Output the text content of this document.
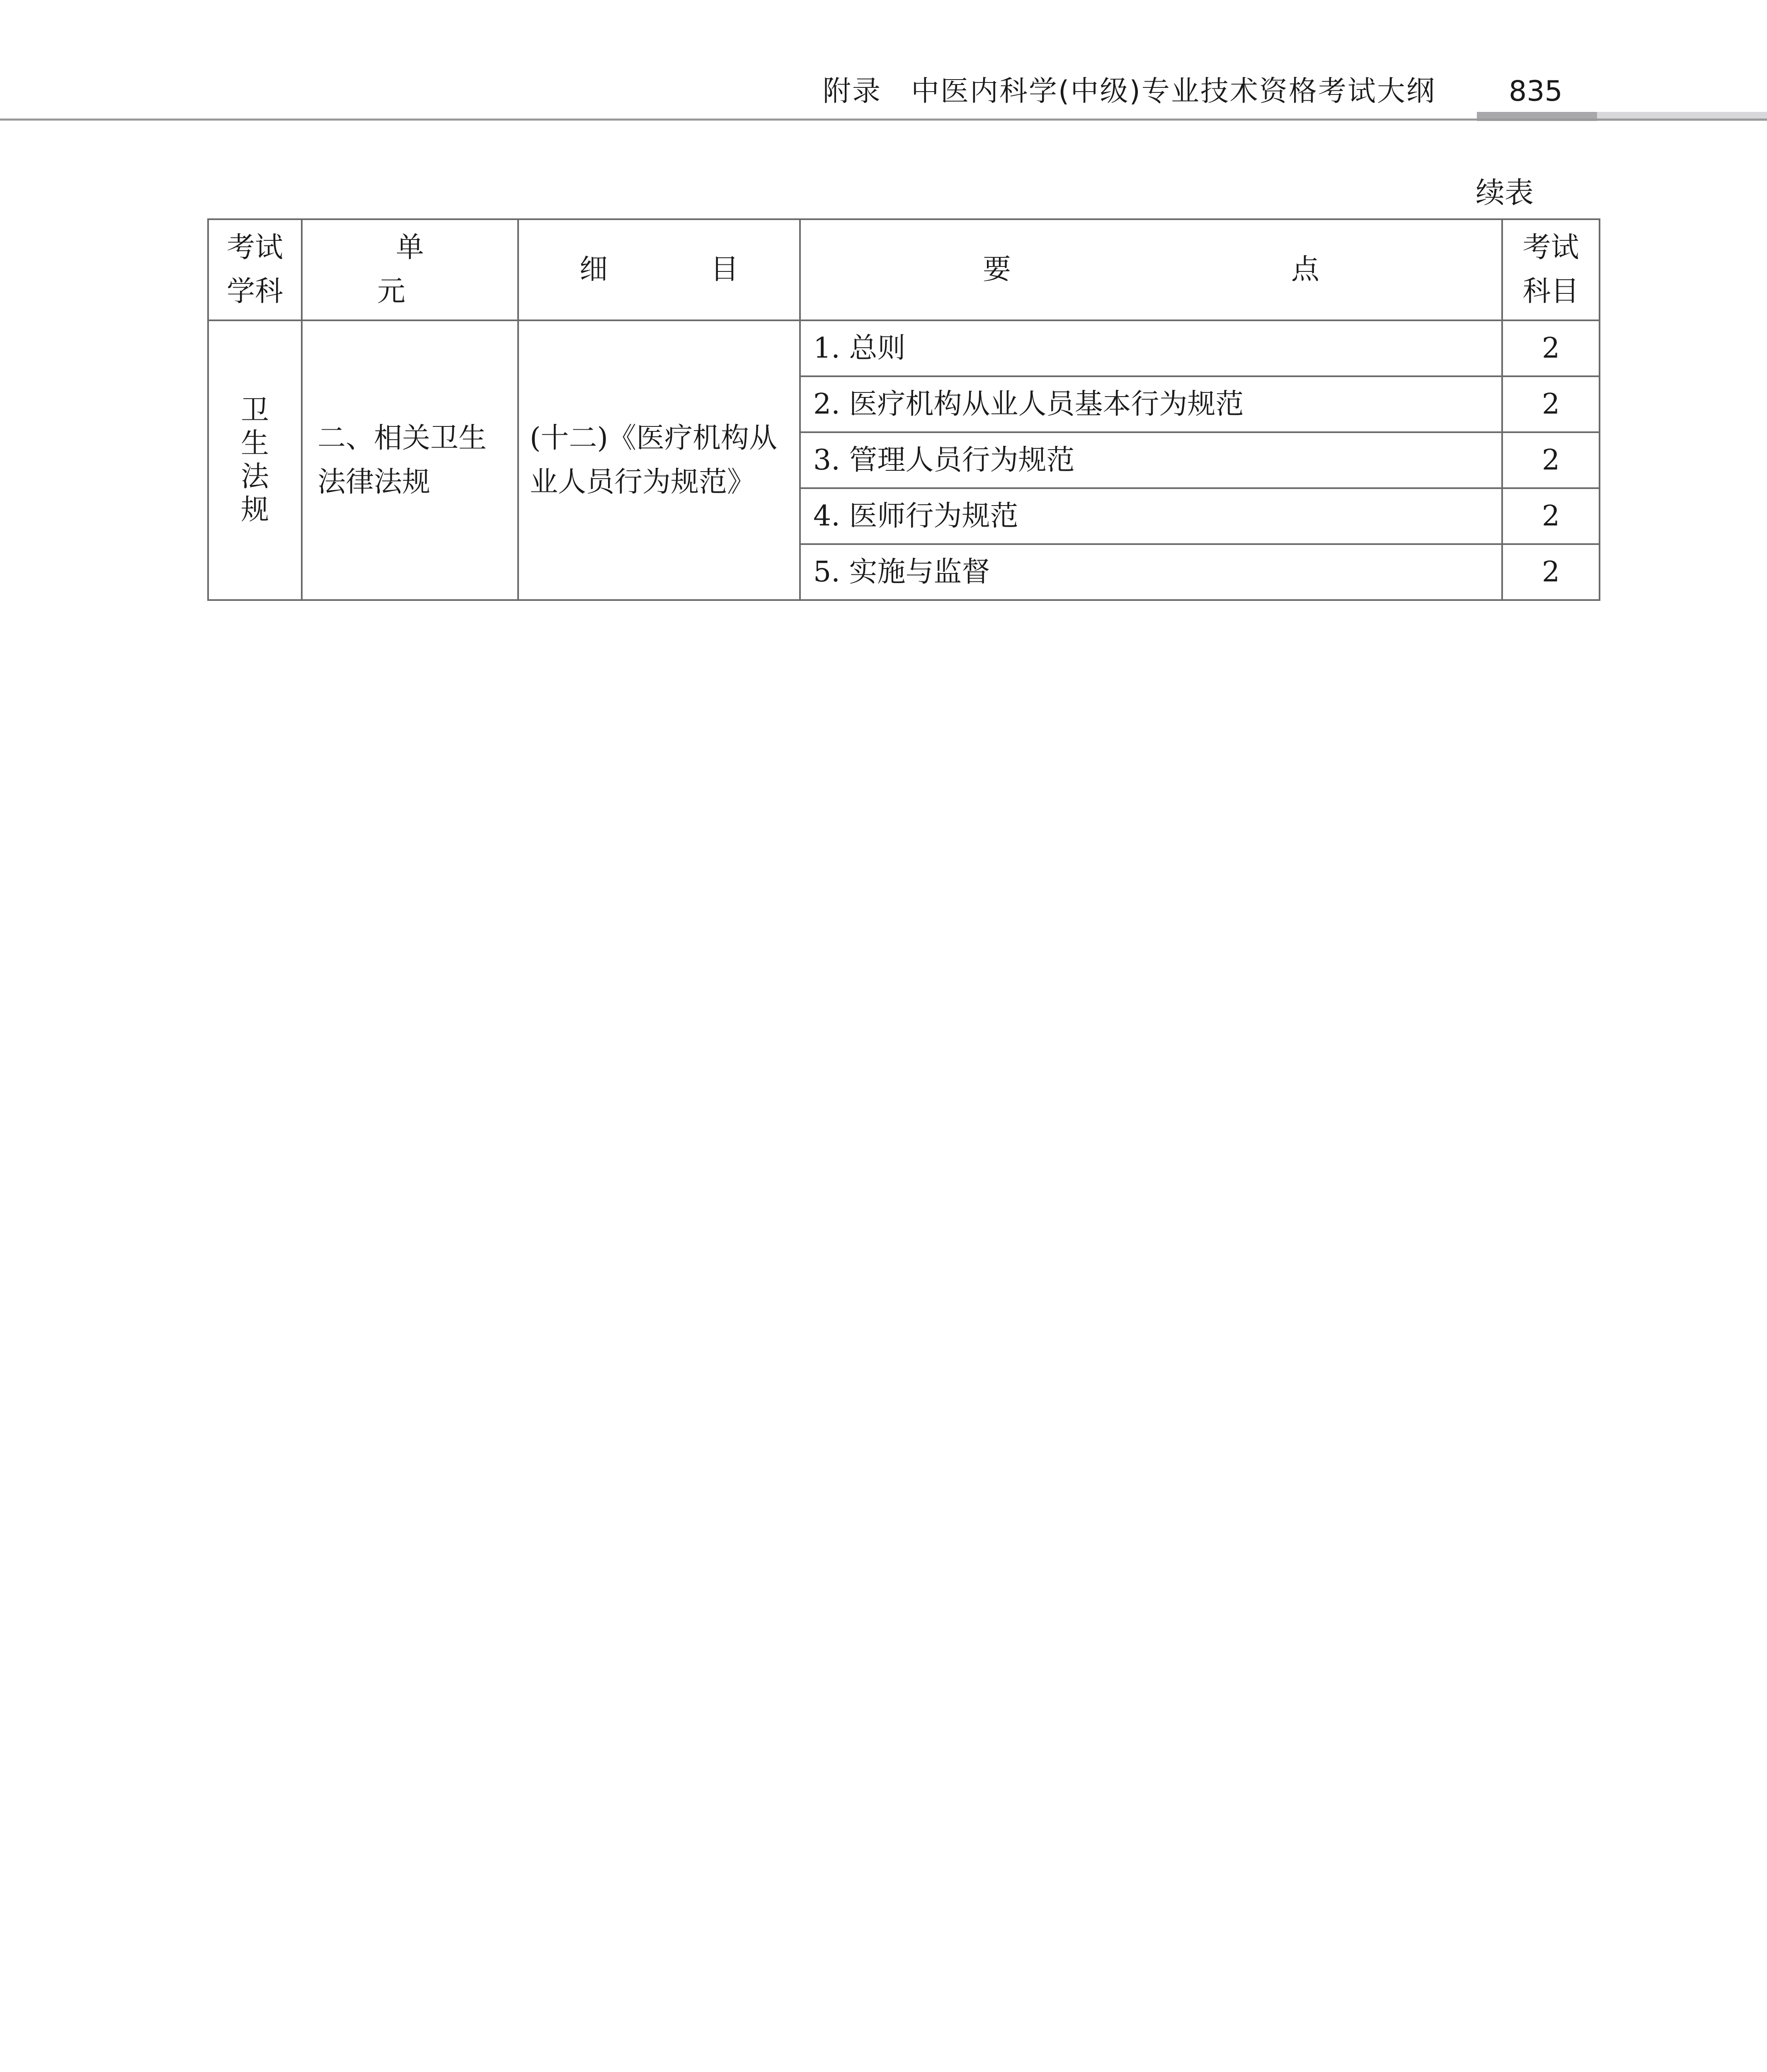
附录　中医内科学(中级)专业技术资格考试大纲	835
续表
考试学科	单　元	细　目	要　　点	考试科目

卫生法规	二、相关卫生法律法规	(十二)《医疗机构从业人员行为规范》	1. 总则	2
			2. 医疗机构从业人员基本行为规范	2
			3. 管理人员行为规范	2
			4. 医师行为规范	2
			5. 实施与监督	2
